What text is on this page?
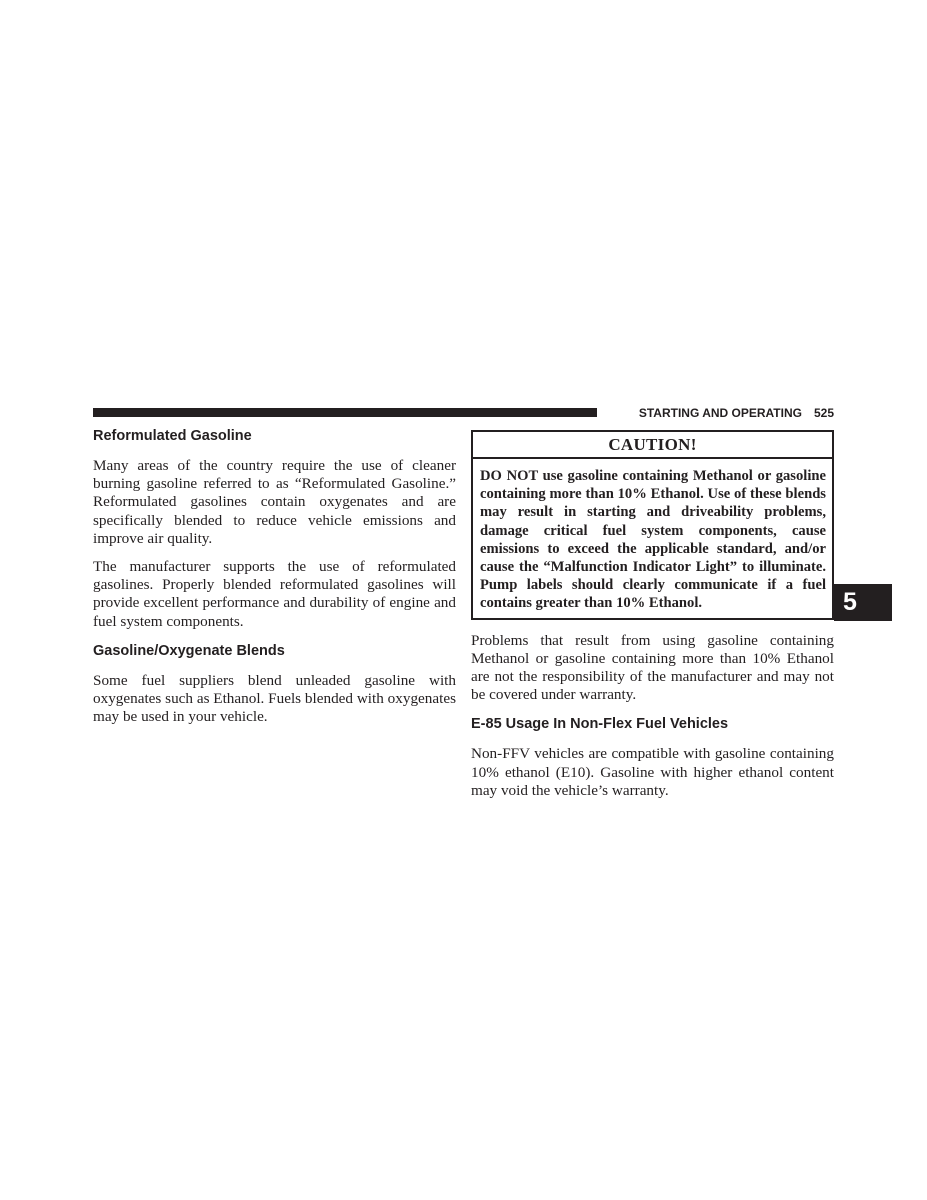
STARTING AND OPERATING 525
Reformulated Gasoline

Many areas of the country require the use of cleaner burning gasoline referred to as “Reformulated Gasoline.” Reformulated gasolines contain oxygenates and are specifically blended to reduce vehicle emissions and improve air quality.

The manufacturer supports the use of reformulated gasolines. Properly blended reformulated gasolines will provide excellent performance and durability of engine and fuel system components.

Gasoline/Oxygenate Blends

Some fuel suppliers blend unleaded gasoline with oxygenates such as Ethanol. Fuels blended with oxygenates may be used in your vehicle.

CAUTION!
DO NOT use gasoline containing Methanol or gasoline containing more than 10% Ethanol. Use of these blends may result in starting and driveability problems, damage critical fuel system components, cause emissions to exceed the applicable standard, and/or cause the “Malfunction Indicator Light” to illuminate. Pump labels should clearly communicate if a fuel contains greater than 10% Ethanol.

Problems that result from using gasoline containing Methanol or gasoline containing more than 10% Ethanol are not the responsibility of the manufacturer and may not be covered under warranty.

E-85 Usage In Non-Flex Fuel Vehicles

Non-FFV vehicles are compatible with gasoline containing 10% ethanol (E10). Gasoline with higher ethanol content may void the vehicle’s warranty.

5
